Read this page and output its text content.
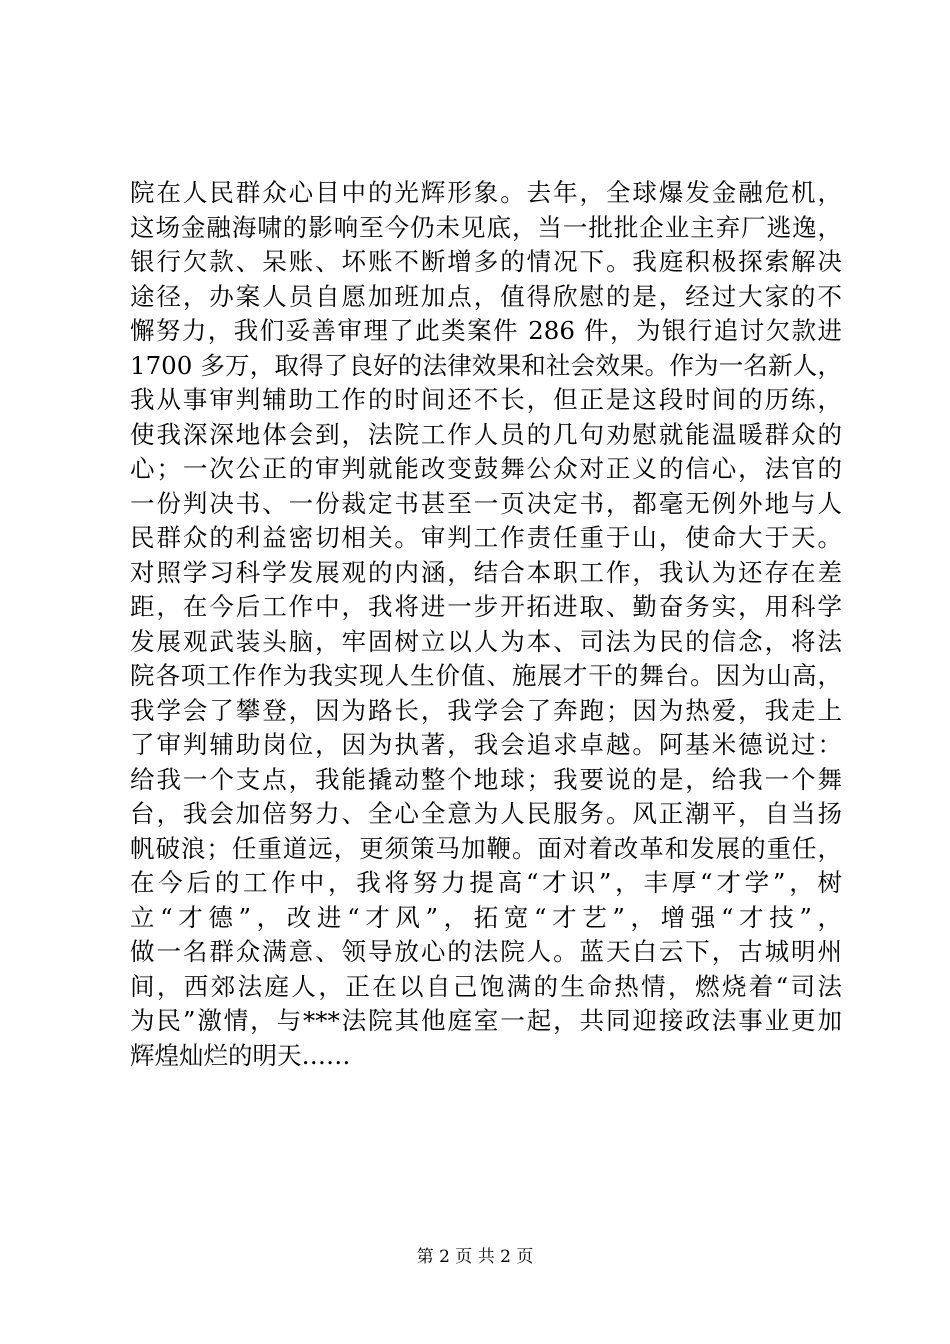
院在人民群众心目中的光辉形象。去年，全球爆发金融危机，
这场金融海啸的影响至今仍未见底，当一批批企业主弃厂逃逸，
银行欠款、呆账、坏账不断增多的情况下。我庭积极探索解决
途径，办案人员自愿加班加点，值得欣慰的是，经过大家的不
懈努力，我们妥善审理了此类案件 286 件，为银行追讨欠款进
1700 多万，取得了良好的法律效果和社会效果。作为一名新人，
我从事审判辅助工作的时间还不长，但正是这段时间的历练，
使我深深地体会到，法院工作人员的几句劝慰就能温暖群众的
心；一次公正的审判就能改变鼓舞公众对正义的信心，法官的
一份判决书、一份裁定书甚至一页决定书，都毫无例外地与人
民群众的利益密切相关。审判工作责任重于山，使命大于天。
对照学习科学发展观的内涵，结合本职工作，我认为还存在差
距，在今后工作中，我将进一步开拓进取、勤奋务实，用科学
发展观武装头脑，牢固树立以人为本、司法为民的信念，将法
院各项工作作为我实现人生价值、施展才干的舞台。因为山高，
我学会了攀登，因为路长，我学会了奔跑；因为热爱，我走上
了审判辅助岗位，因为执著，我会追求卓越。阿基米德说过：
给我一个支点，我能撬动整个地球；我要说的是，给我一个舞
台，我会加倍努力、全心全意为人民服务。风正潮平，自当扬
帆破浪；任重道远，更须策马加鞭。面对着改革和发展的重任，
在今后的工作中，我将努力提高“才识”，丰厚“才学”，树
立“才德”，改进“才风”，拓宽“才艺”，增强“才技”，
做一名群众满意、领导放心的法院人。蓝天白云下，古城明州
间，西郊法庭人，正在以自己饱满的生命热情，燃烧着“司法
为民”激情，与***法院其他庭室一起，共同迎接政法事业更加
辉煌灿烂的明天……
第 2 页 共 2 页
